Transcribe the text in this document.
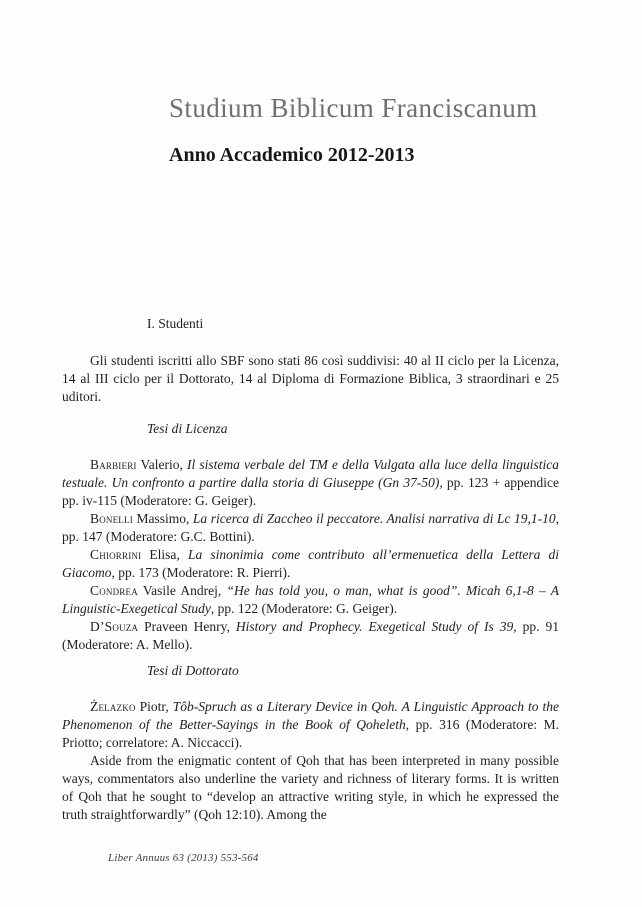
Studium Biblicum Franciscanum
Anno Accademico 2012-2013
I. Studenti

Gli studenti iscritti allo SBF sono stati 86 così suddivisi: 40 al II ciclo per la Licenza, 14 al III ciclo per il Dottorato, 14 al Diploma di Formazione Biblica, 3 straordinari e 25 uditori.

Tesi di Licenza

Barbieri Valerio, Il sistema verbale del TM e della Vulgata alla luce della linguistica testuale. Un confronto a partire dalla storia di Giuseppe (Gn 37-50), pp. 123 + appendice pp. iv-115 (Moderatore: G. Geiger).

Bonelli Massimo, La ricerca di Zaccheo il peccatore. Analisi narrativa di Lc 19,1-10, pp. 147 (Moderatore: G.C. Bottini).

Chiorrini Elisa, La sinonimia come contributo all’ermenuetica della Lettera di Giacomo, pp. 173 (Moderatore: R. Pierri).

Condrea Vasile Andrej, “He has told you, o man, what is good”. Micah 6,1-8 – A Linguistic-Exegetical Study, pp. 122 (Moderatore: G. Geiger).

D’Souza Praveen Henry, History and Prophecy. Exegetical Study of Is 39, pp. 91 (Moderatore: A. Mello).

Tesi di Dottorato

Żelazko Piotr, Tôb-Spruch as a Literary Device in Qoh. A Linguistic Approach to the Phenomenon of the Better-Sayings in the Book of Qoheleth, pp. 316 (Moderatore: M. Priotto; correlatore: A. Niccacci).

Aside from the enigmatic content of Qoh that has been interpreted in many possible ways, commentators also underline the variety and richness of literary forms. It is written of Qoh that he sought to “develop an attractive writing style, in which he expressed the truth straightforwardly” (Qoh 12:10). Among the

Liber Annuus 63 (2013) 553-564
